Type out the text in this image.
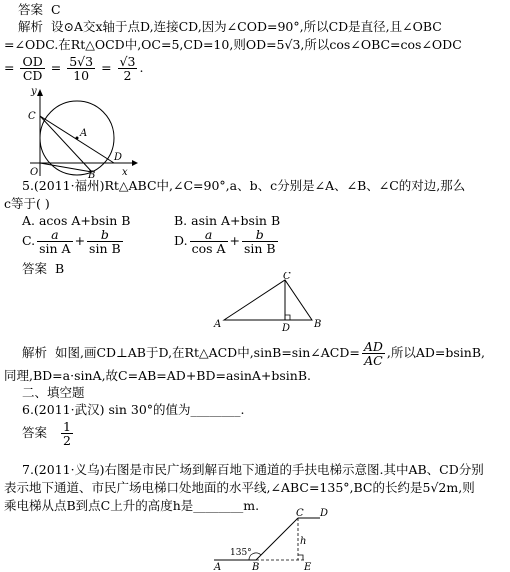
答案 C
解析 设⊙A交x轴于点D,连接CD,因为∠COD=90°,所以CD是直径,且∠OBC
=∠ODC.在Rt△OCD中,OC=5,CD=10,则OD=5√3,所以cos∠OBC=cos∠ODC
= $\frac{OD}{CD} = \frac{5√3}{10} = \frac{√3}{2}$ .
y
C
A
O
D
B	x
5.(2011·福州)Rt△ABC中,∠C=90°,a、b、c分别是∠A、∠B、∠C的对边,那么
c等于( )
A. acos A+bsin B	B. asin A+bsin B
C. $\frac{a}{\text{sin A}} + \frac{b}{\text{sin B}}$	D. $\frac{a}{\text{cos A}} + \frac{b}{\text{sin B}}$
答案 B
C
A	D B
解析 如图,画CD⊥AB于D,在Rt△ACD中,sinB=sin∠ACD= $\frac{AD}{AC}$ ,所以AD=bsinB,
同理,BD=a·sinA,故C=AB=AD+BD=asinA+bsinB.
二、填空题
6.(2011·武汉) sin 30°的值为________.
答案 $\frac{1}{2}$
7.(2011·义乌)右图是市民广场到解百地下通道的手扶电梯示意图.其中AB、CD分别
表示地下通道、市民广场电梯口处地面的水平线,∠ABC=135°,BC的长约是5√2m,则
乘电梯从点B到点C上升的高度h是________m.
C D
h
135°
A	B	E
